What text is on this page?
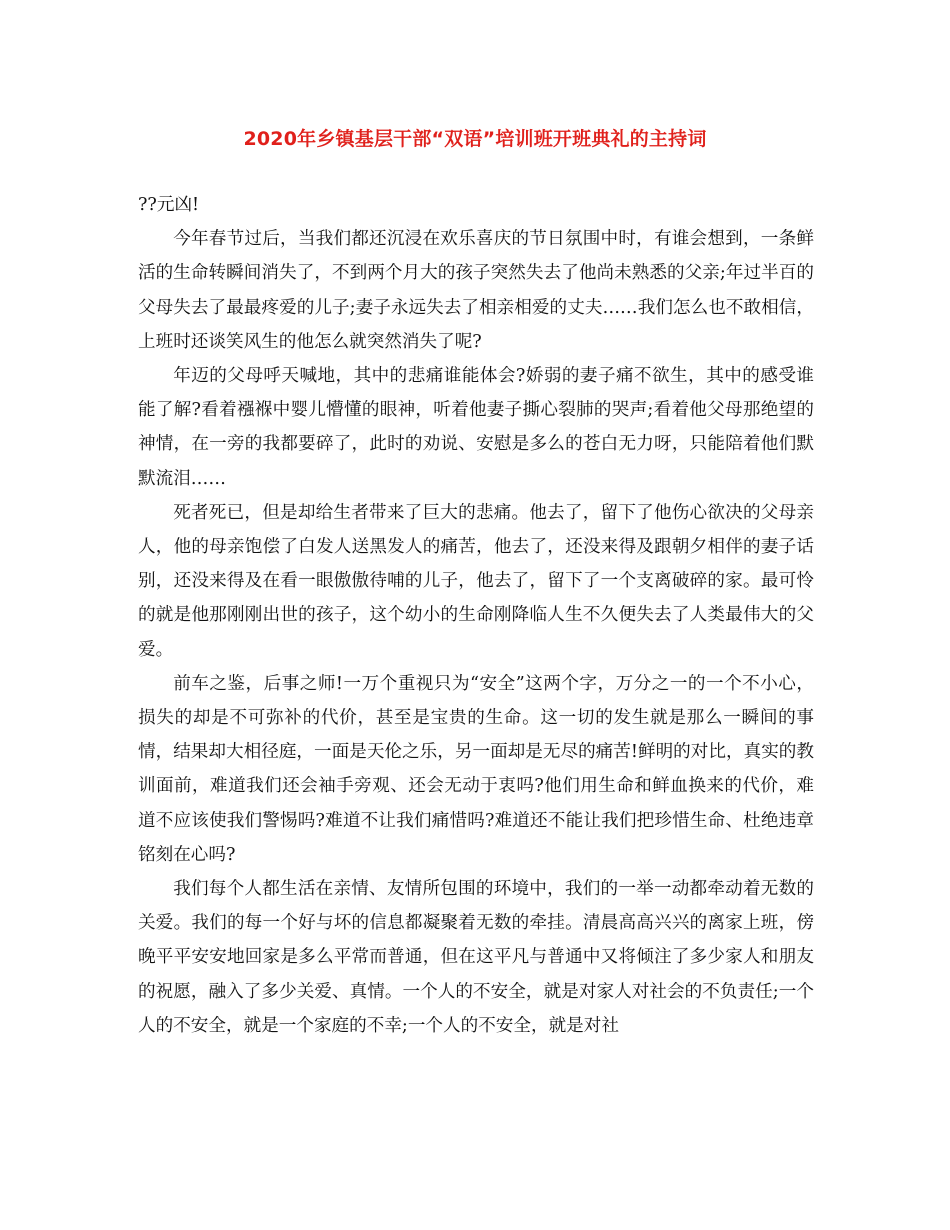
2020年乡镇基层干部“双语”培训班开班典礼的主持词

??元凶!

今年春节过后，当我们都还沉浸在欢乐喜庆的节日氛围中时，有谁会想到，一条鲜活的生命转瞬间消失了，不到两个月大的孩子突然失去了他尚未熟悉的父亲;年过半百的父母失去了最最疼爱的儿子;妻子永远失去了相亲相爱的丈夫……我们怎么也不敢相信，上班时还谈笑风生的他怎么就突然消失了呢?

年迈的父母呼天喊地，其中的悲痛谁能体会?娇弱的妻子痛不欲生，其中的感受谁能了解?看着襁褓中婴儿懵懂的眼神，听着他妻子撕心裂肺的哭声;看着他父母那绝望的神情，在一旁的我都要碎了，此时的劝说、安慰是多么的苍白无力呀，只能陪着他们默默流泪……

死者死已，但是却给生者带来了巨大的悲痛。他去了，留下了他伤心欲决的父母亲人，他的母亲饱偿了白发人送黑发人的痛苦，他去了，还没来得及跟朝夕相伴的妻子话别，还没来得及在看一眼傲傲待哺的儿子，他去了，留下了一个支离破碎的家。最可怜的就是他那刚刚出世的孩子，这个幼小的生命刚降临人生不久便失去了人类最伟大的父爱。

前车之鉴，后事之师!一万个重视只为“安全”这两个字，万分之一的一个不小心，损失的却是不可弥补的代价，甚至是宝贵的生命。这一切的发生就是那么一瞬间的事情，结果却大相径庭，一面是天伦之乐，另一面却是无尽的痛苦!鲜明的对比，真实的教训面前，难道我们还会袖手旁观、还会无动于衷吗?他们用生命和鲜血换来的代价，难道不应该使我们警惕吗?难道不让我们痛惜吗?难道还不能让我们把珍惜生命、杜绝违章铭刻在心吗?

我们每个人都生活在亲情、友情所包围的环境中，我们的一举一动都牵动着无数的关爱。我们的每一个好与坏的信息都凝聚着无数的牵挂。清晨高高兴兴的离家上班，傍晚平平安安地回家是多么平常而普通，但在这平凡与普通中又将倾注了多少家人和朋友的祝愿，融入了多少关爱、真情。一个人的不安全，就是对家人对社会的不负责任;一个人的不安全，就是一个家庭的不幸;一个人的不安全，就是对社
